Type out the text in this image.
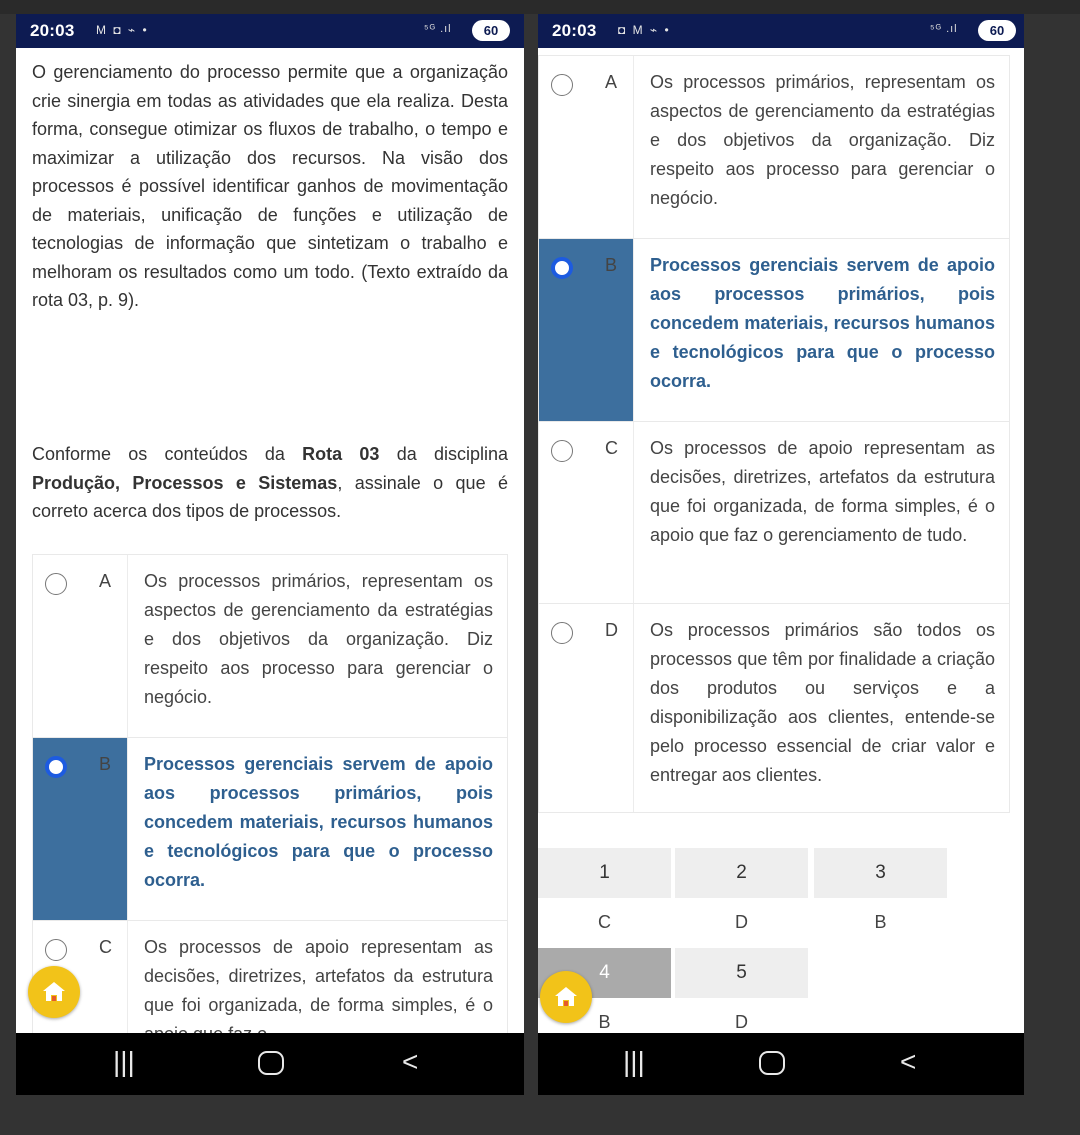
20:03 M ◘ ⌁ •	⁵ᴳ .ıl	60
O gerenciamento do processo permite que a organização crie sinergia em todas as atividades que ela realiza. Desta forma, consegue otimizar os fluxos de trabalho, o tempo e maximizar a utilização dos recursos. Na visão dos processos é possível identificar ganhos de movimentação de materiais, unificação de funções e utilização de tecnologias de informação que sintetizam o trabalho e melhoram os resultados como um todo. (Texto extraído da rota 03, p. 9).
Conforme os conteúdos da Rota 03 da disciplina Produção, Processos e Sistemas, assinale o que é correto acerca dos tipos de processos.
A Os processos primários, representam os aspectos de gerenciamento da estratégias e dos objetivos da organização. Diz respeito aos processo para gerenciar o negócio.
B Processos gerenciais servem de apoio aos processos primários, pois concedem materiais, recursos humanos e tecnológicos para que o processo ocorra.
C Os processos de apoio representam as decisões, diretrizes, artefatos da estrutura que foi organizada, de forma simples, é o
|||	<
20:03 ◘ M ⌁ •	⁵ᴳ .ıl	60
A Os processos primários, representam os aspectos de gerenciamento da estratégias e dos objetivos da organização. Diz respeito aos processo para gerenciar o negócio.
B Processos gerenciais servem de apoio aos processos primários, pois concedem materiais, recursos humanos e tecnológicos para que o processo ocorra.
C Os processos de apoio representam as decisões, diretrizes, artefatos da estrutura que foi organizada, de forma simples, é o apoio que faz o gerenciamento de tudo.
D Os processos primários são todos os processos que têm por finalidade a criação dos produtos ou serviços e a disponibilização aos clientes, entende-se pelo processo essencial de criar valor e entregar aos clientes.
1	2	3
C	D	B
4	5
B	D
|||	<
